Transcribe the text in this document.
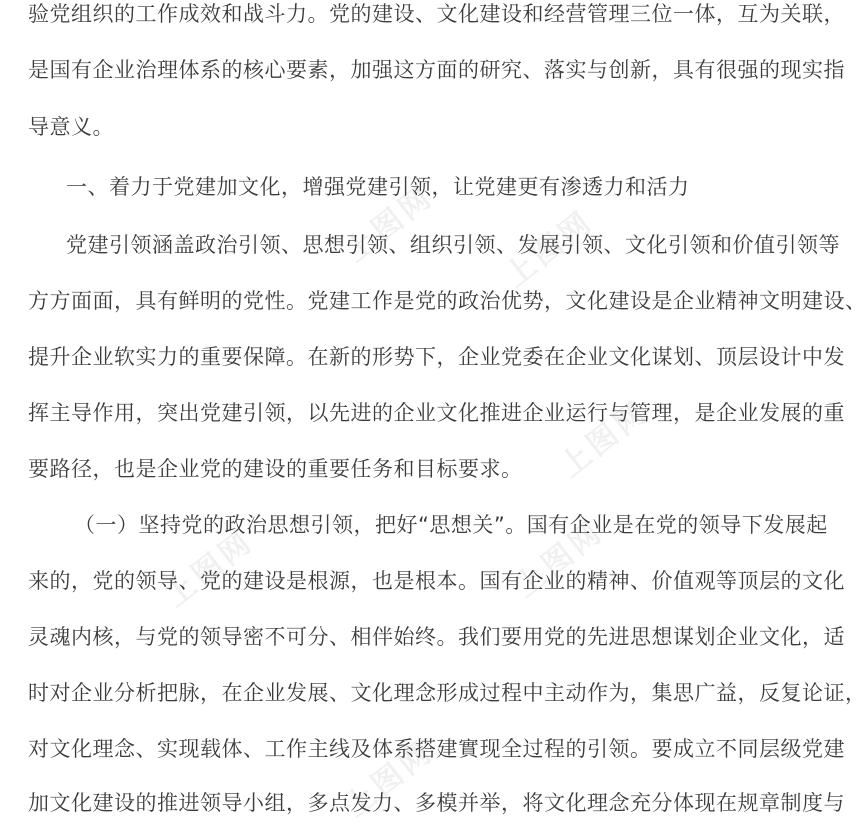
验党组织的工作成效和战斗力。党的建设、文化建设和经营管理三位一体，互为关联，
是国有企业治理体系的核心要素，加强这方面的研究、落实与创新，具有很强的现实指
导意义。
一、着力于党建加文化，增强党建引领，让党建更有渗透力和活力
党建引领涵盖政治引领、思想引领、组织引领、发展引领、文化引领和价值引领等
方方面面，具有鲜明的党性。党建工作是党的政治优势，文化建设是企业精神文明建设、
提升企业软实力的重要保障。在新的形势下，企业党委在企业文化谋划、顶层设计中发
挥主导作用，突出党建引领，以先进的企业文化推进企业运行与管理，是企业发展的重
要路径，也是企业党的建设的重要任务和目标要求。
（一）坚持党的政治思想引领，把好“思想关”。国有企业是在党的领导下发展起
来的，党的领导、党的建设是根源，也是根本。国有企业的精神、价值观等顶层的文化
灵魂内核，与党的领导密不可分、相伴始终。我们要用党的先进思想谋划企业文化，适
时对企业分析把脉，在企业发展、文化理念形成过程中主动作为，集思广益，反复论证，
对文化理念、实现载体、工作主线及体系搭建實现全过程的引领。要成立不同层级党建
加文化建设的推进领导小组，多点发力、多模并举，将文化理念充分体现在规章制度与
上图网	上图网
上图网
上图网	上图网
上图网
